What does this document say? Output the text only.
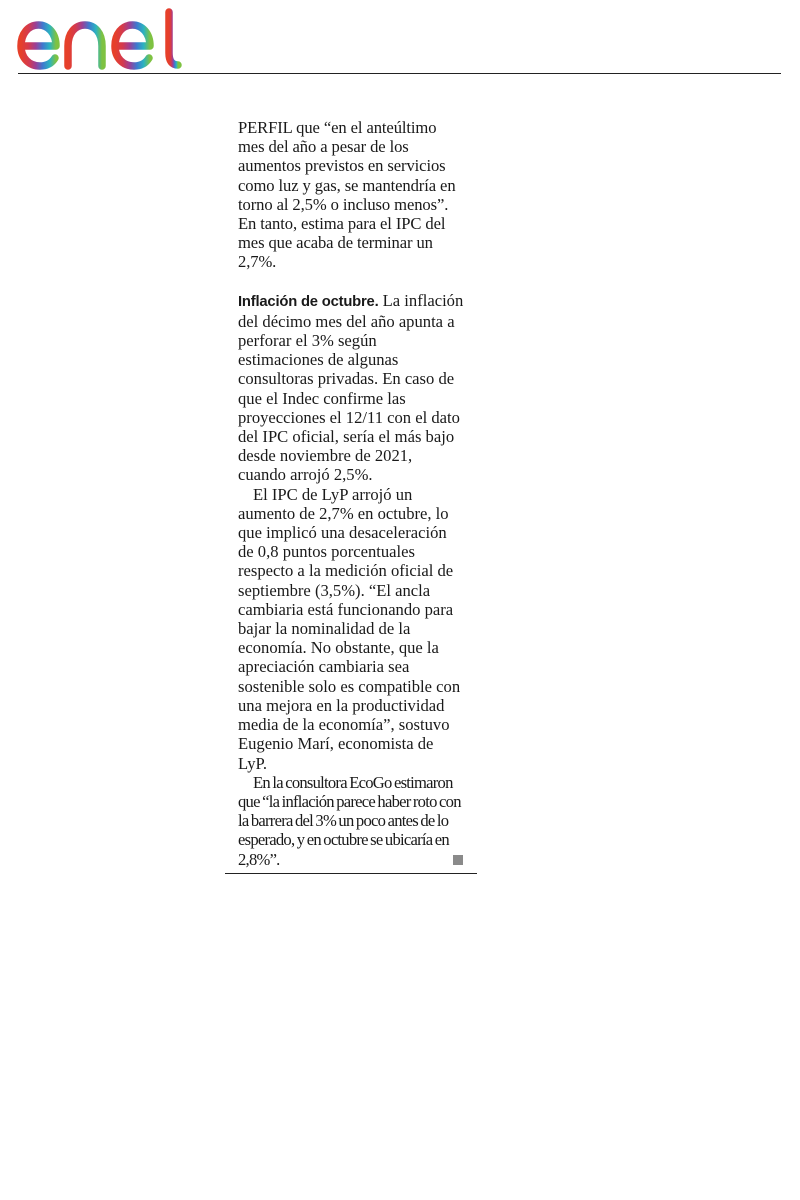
PERFIL que “en el anteúltimo mes del año a pesar de los aumentos previstos en servicios como luz y gas, se mantendría en torno al 2,5% o incluso menos”. En tanto, estima para el IPC del mes que acaba de terminar un 2,7%.

Inflación de octubre. La inflación del décimo mes del año apunta a perforar el 3% según estimaciones de algunas consultoras privadas. En caso de que el Indec confirme las proyecciones el 12/11 con el dato del IPC oficial, sería el más bajo desde noviembre de 2021, cuando arrojó 2,5%.

El IPC de LyP arrojó un aumento de 2,7% en octubre, lo que implicó una desaceleración de 0,8 puntos porcentuales respecto a la medición oficial de septiembre (3,5%). “El ancla cambiaria está funcionando para bajar la nominalidad de la economía. No obstante, que la apreciación cambiaria sea sostenible solo es compatible con una mejora en la productividad media de la economía”, sostuvo Eugenio Marí, economista de LyP.

En la consultora EcoGo estimaron que “la inflación parece haber roto con la barrera del 3% un poco antes de lo esperado, y en octubre se ubicaría en 2,8%”.
